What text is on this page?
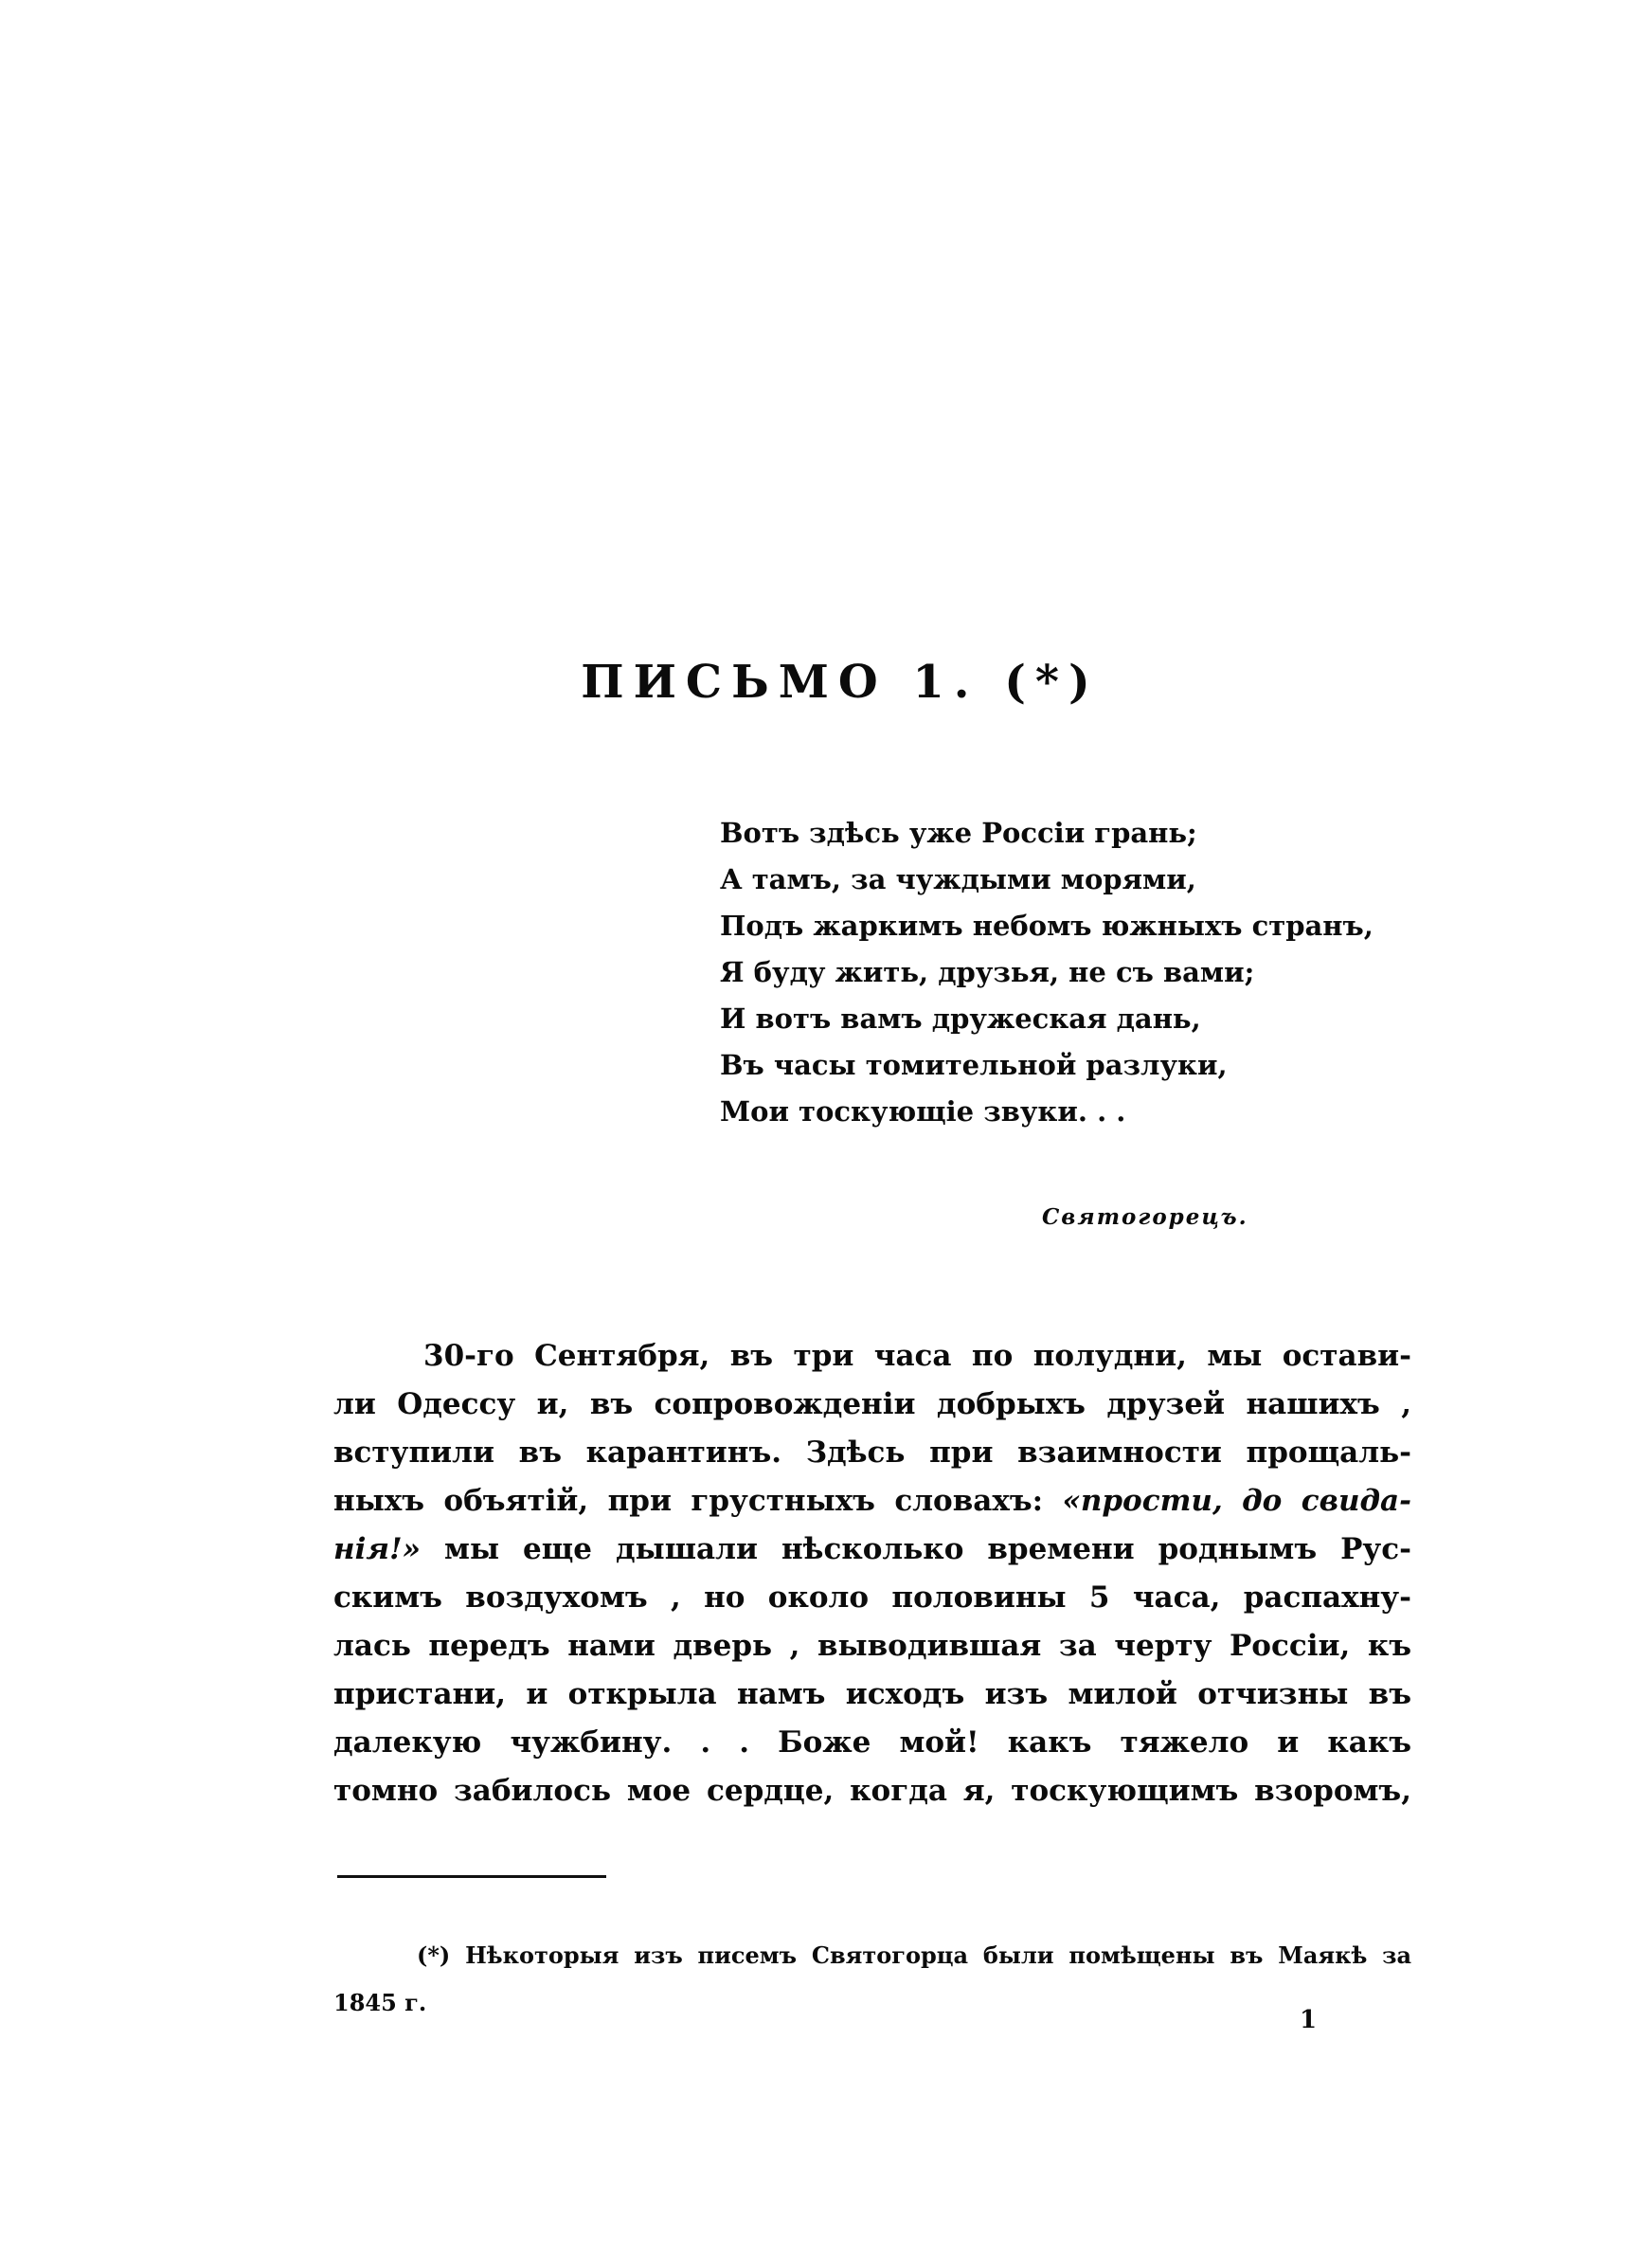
ПИСЬМО 1. (*)
Вотъ здѣсь уже Россіи грань;
А тамъ, за чуждыми морями,
Подъ жаркимъ небомъ южныхъ странъ,
Я буду жить, друзья, не съ вами;
И вотъ вамъ дружеская дань,
Въ часы томительной разлуки,
Мои тоскующіе звуки. . .
Святогорецъ.
30-го Сентября, въ три часа по полудни, мы остави-
ли Одессу и, въ сопровожденіи добрыхъ друзей нашихъ ,
вступили въ карантинъ. Здѣсь при взаимности прощаль-
ныхъ объятій, при грустныхъ словахъ: «прости, до свида-
нія!» мы еще дышали нѣсколько времени роднымъ Рус-
скимъ воздухомъ , но около половины 5 часа, распахну-
лась передъ нами дверь , выводившая за черту Россіи, къ
пристани, и открыла намъ исходъ изъ милой отчизны въ
далекую чужбину. . . Боже мой! какъ тяжело и какъ
томно забилось мое сердце, когда я, тоскующимъ взоромъ,
(*) Нѣкоторыя изъ писемъ Святогорца были помѣщены въ Маякѣ за
1845 г.
1
